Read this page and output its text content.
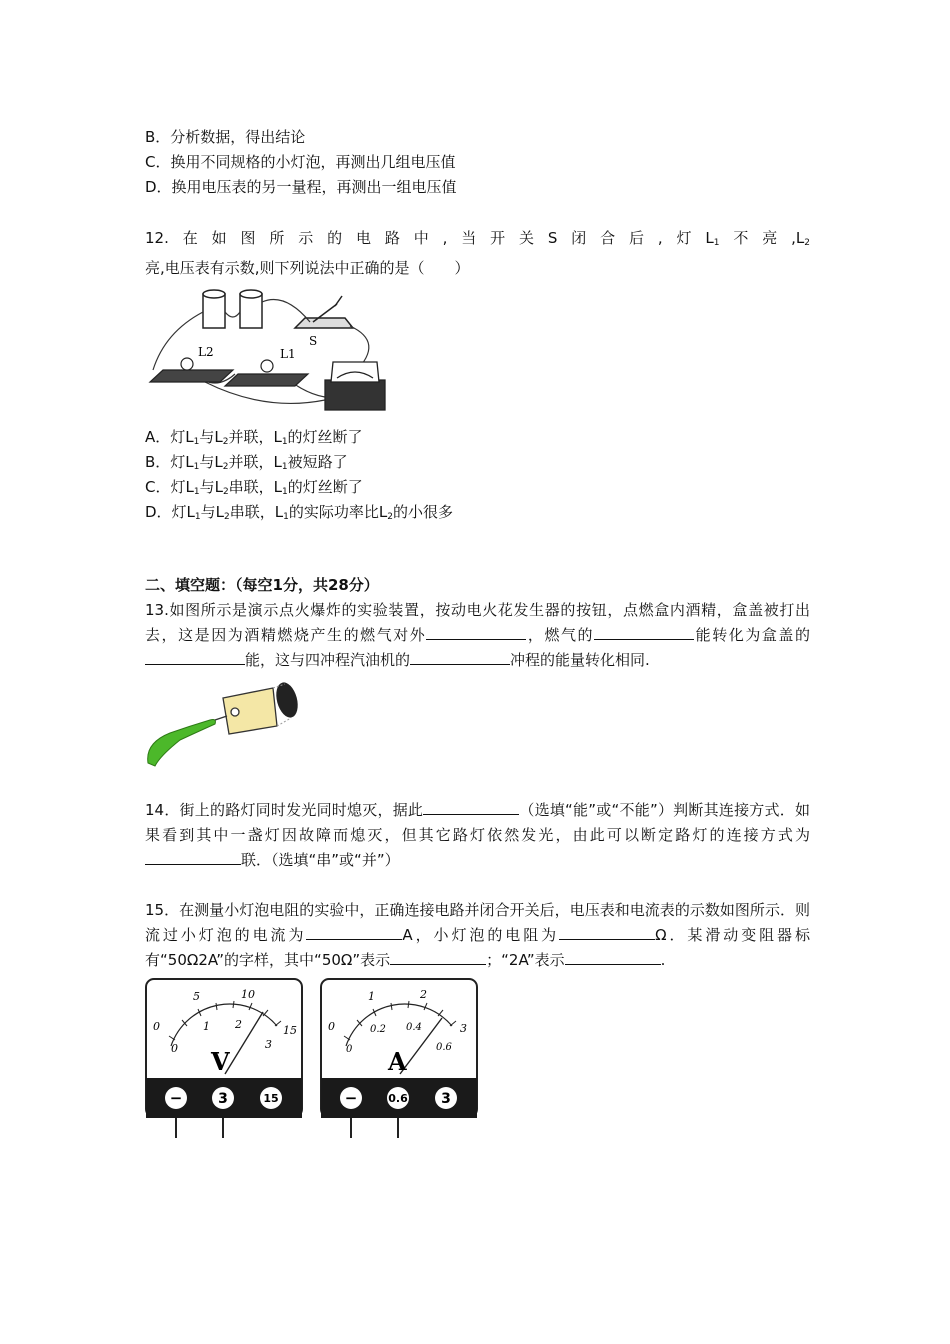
B．分析数据，得出结论
C．换用不同规格的小灯泡，再测出几组电压值
D．换用电压表的另一量程，再测出一组电压值
12.在如图所示的电路中,当开关S闭合后,灯$L_1$不亮$,L_2$亮,电压表有示数,则下列说法中正确的是（　　）
S
L2	L1
A．灯$L_1$与$L_2$并联，$L_1$的灯丝断了
B．灯$L_1$与$L_2$并联，$L_1$被短路了
C．灯$L_1$与$L_2$串联，$L_1$的灯丝断了
D．灯$L_1$与$L_2$串联，$L_1$的实际功率比$L_2$的小很多
二、填空题：（每空1分，共28分）
13.如图所示是演示点火爆炸的实验装置，按动电火花发生器的按钮，点燃盒内酒精，盒盖被打出去，这是因为酒精燃烧产生的燃气对外	，燃气的	能转化为盒盖的能，这与四冲程汽油机的	冲程的能量转化相同.
14．街上的路灯同时发光同时熄灭，据此	（选填“能”或“不能”）判断其连接方式．如果看到其中一盏灯因故障而熄灭，但其它路灯依然发光，由此可以断定路灯的连接方式为联．（选填“串”或“并”）
15．在测量小灯泡电阻的实验中，正确连接电路并闭合开关后，电压表和电流表的示数如图所示．则流过小灯泡的电流为	A，小灯泡的电阻为	Ω．某滑动变阻器标有“50Ω2A”的字样，其中“50Ω”表示	；“2A”表示	.
0
5	10
15
0
1 2
3
V
−	3	15
0
1	2
3
0
0.2 0.4
0.6
A
−	0.6 3
